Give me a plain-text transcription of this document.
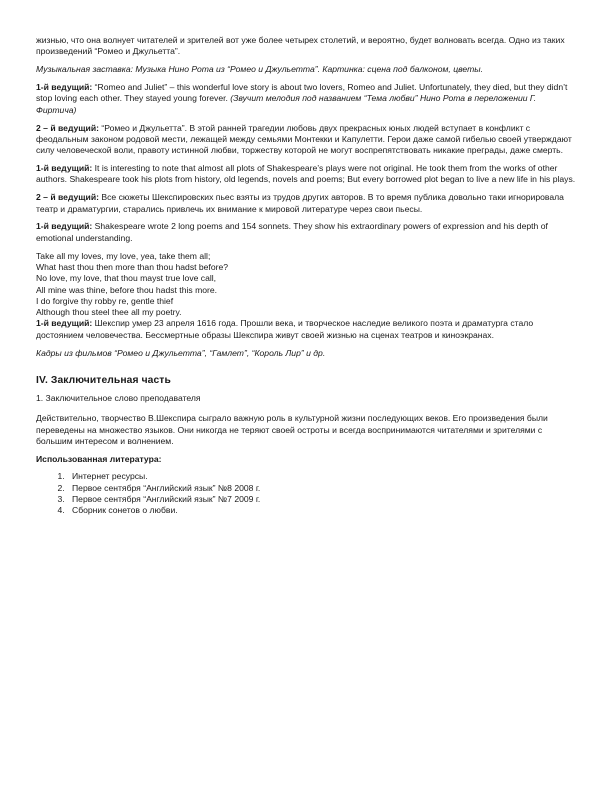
жизнью, что она волнует читателей и зрителей вот уже более четырех столетий, и вероятно, будет волновать всегда. Одно из таких произведений “Ромео и Джульетта”.

Музыкальная заставка: Музыка Нино Рота из “Ромео и Джульетта”. Картинка: сцена под балконом, цветы.

1-й ведущий: “Romeo and Juliet” – this wonderful love story is about two lovers, Romeo and Juliet. Unfortunately, they died, but they didn’t stop loving each other. They stayed young forever. (Звучит мелодия под названием “Тема любви” Нино Рота в переложении Г. Фиртича)

2 – й ведущий: “Ромео и Джульетта”. В этой ранней трагедии любовь двух прекрасных юных людей вступает в конфликт с феодальным законом родовой мести, лежащей между семьями Монтекки и Капулетти. Герои даже самой гибелью своей утверждают силу человеческой воли, правоту истинной любви, торжеству которой не могут воспрепятствовать никакие преграды, даже смерть.

1-й ведущий: It is interesting to note that almost all plots of Shakespeare’s plays were not original. He took them from the works of other authors. Shakespeare took his plots from history, old legends, novels and poems; But every borrowed plot began to live a new life in his plays.

2 – й ведущий: Все сюжеты Шекспировских пьес взяты из трудов других авторов. В то время публика довольно таки игнорировала театр и драматургии, старались привлечь их внимание к мировой литературе через свои пьесы.

1-й ведущий: Shakespeare wrote 2 long poems and 154 sonnets. They show his extraordinary powers of expression and his depth of emotional understanding.

Take all my loves, my love, yea, take them all;
What hast thou then more than thou hadst before?
No love, my love, that thou mayst true love call,
All mine was thine, before thou hadst this more.
I do forgive thy robby re, gentle thief
Although thou steel thee all my poetry.

1-й ведущий: Шекспир умер 23 апреля 1616 года. Прошли века, и творческое наследие великого поэта и драматурга стало достоянием человечества. Бессмертные образы Шекспира живут своей жизнью на сценах театров и киноэкранах.

Кадры из фильмов “Ромео и Джульетта”, “Гамлет”, “Король Лир” и др.

IV. Заключительная часть

1. Заключительное слово преподавателя

Действительно, творчество В.Шекспира сыграло важную роль в культурной жизни последующих веков. Его произведения были переведены на множество языков. Они никогда не теряют своей остроты и всегда воспринимаются читателями и зрителями с большим интересом и волнением.

Использованная литература:

1. Интернет ресурсы.
2. Первое сентября “Английский язык” №8 2008 г.
3. Первое сентября “Английский язык” №7 2009 г.
4. Сборник сонетов о любви.
